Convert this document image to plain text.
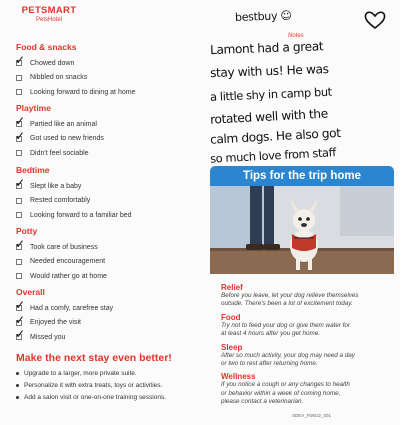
PETSMART
PetsHotel
Food & snacks
✓ Chowed down
Nibbled on snacks
Looking forward to dining at home
Playtime
✓ Partied like an animal
✓ Got used to new friends
Didn't feel sociable
Bedtime
✓ Slept like a baby
Rested comfortably
Looking forward to a familiar bed
Potty
✓ Took care of business
Needed encouragement
Would rather go at home
Overall
✓ Had a comfy, carefree stay
✓ Enjoyed the visit
✓ Missed you
Make the next stay even better!
Upgrade to a larger, more private suite.
Personalize it with extra treats, toys or activities.
Add a salon visit or one-on-one training sessions.
bestbuy ☺
Notes
Lamont had a great
stay with us! He was
a little shy in camp but
rotated well with the
calm dogs. He also got
so much love from staff
Tips for the trip home
Relief
Before you leave, let your dog relieve themselves
outside. There's been a lot of excitement today.
Food
Try not to feed your dog or give them water for
at least 4 hours after you get home.
Sleep
After so much activity, your dog may need a day
or two to rest after returning home.
Wellness
If you notice a cough or any changes to health
or behavior within a week of coming home,
please contact a veterinarian.
SDEV_FbWJ2_001
